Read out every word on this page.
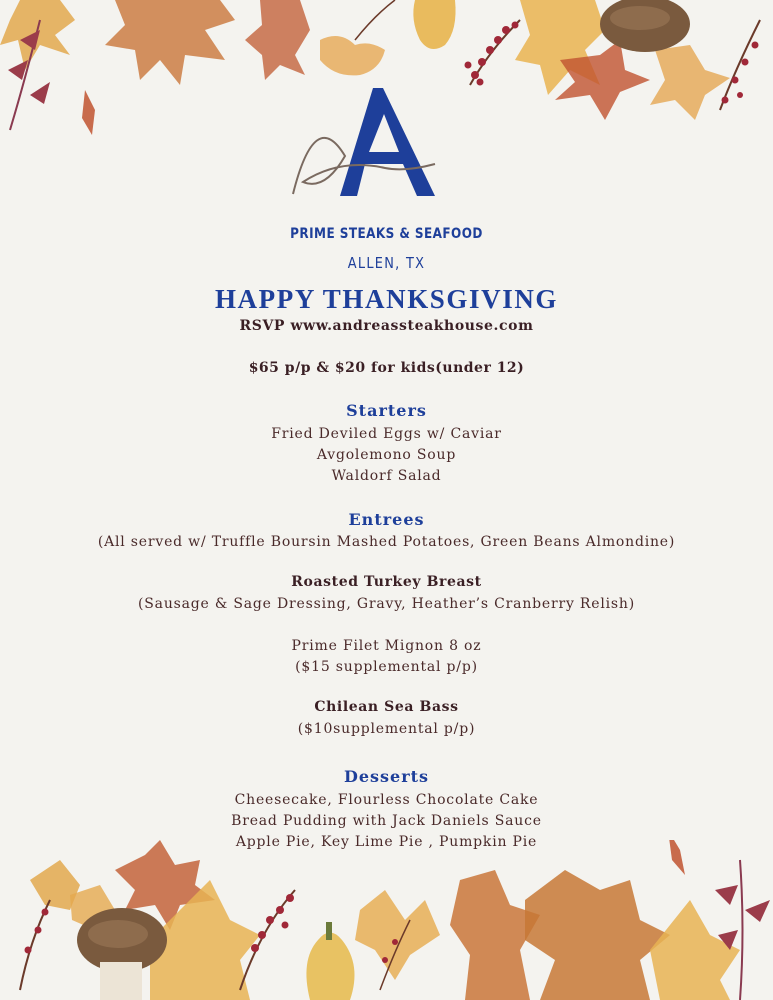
PRIME STEAKS & SEAFOOD
ALLEN, TX
HAPPY THANKSGIVING
RSVP www.andreassteakhouse.com
$65 p/p & $20 for kids(under 12)
Starters
Fried Deviled Eggs w/ Caviar
Avgolemono Soup
Waldorf Salad
Entrees
(All served w/ Truffle Boursin Mashed Potatoes, Green Beans Almondine)
Roasted Turkey Breast
(Sausage & Sage Dressing, Gravy, Heather’s Cranberry Relish)
Prime Filet Mignon 8 oz
($15 supplemental p/p)
Chilean Sea Bass
($10supplemental p/p)
Desserts
Cheesecake, Flourless Chocolate Cake
Bread Pudding with Jack Daniels Sauce
Apple Pie, Key Lime Pie , Pumpkin Pie
